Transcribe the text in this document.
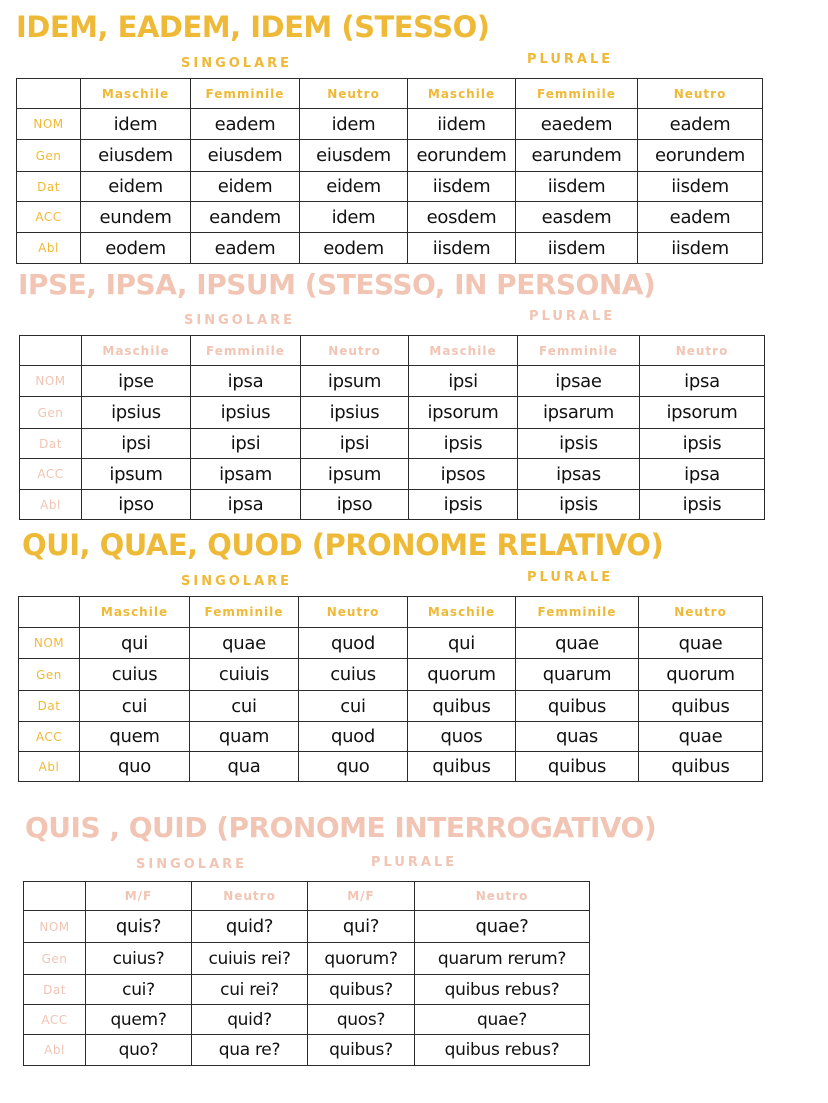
IDEM, EADEM, IDEM (STESSO)
SINGOLARE	PLURALE
	Maschile	Femminile	Neutro	Maschile	Femminile	Neutro
NOM	idem	eadem	idem	iidem	eaedem	eadem
Gen	eiusdem	eiusdem	eiusdem	eorundem	earundem	eorundem
Dat	eidem	eidem	eidem	iisdem	iisdem	iisdem
ACC	eundem	eandem	idem	eosdem	easdem	eadem
Abl	eodem	eadem	eodem	iisdem	iisdem	iisdem
IPSE, IPSA, IPSUM (STESSO, IN PERSONA)
SINGOLARE	PLURALE
	Maschile	Femminile	Neutro	Maschile	Femminile	Neutro
NOM	ipse	ipsa	ipsum	ipsi	ipsae	ipsa
Gen	ipsius	ipsius	ipsius	ipsorum	ipsarum	ipsorum
Dat	ipsi	ipsi	ipsi	ipsis	ipsis	ipsis
ACC	ipsum	ipsam	ipsum	ipsos	ipsas	ipsa
Abl	ipso	ipsa	ipso	ipsis	ipsis	ipsis
QUI, QUAE, QUOD (PRONOME RELATIVO)
SINGOLARE	PLURALE
	Maschile	Femminile	Neutro	Maschile	Femminile	Neutro
NOM	qui	quae	quod	qui	quae	quae
Gen	cuius	cuiuis	cuius	quorum	quarum	quorum
Dat	cui	cui	cui	quibus	quibus	quibus
ACC	quem	quam	quod	quos	quas	quae
Abl	quo	qua	quo	quibus	quibus	quibus
QUIS , QUID (PRONOME INTERROGATIVO)
SINGOLARE	PLURALE
	M/F	Neutro	M/F	Neutro
NOM	quis?	quid?	qui?	quae?
Gen	cuius?	cuiuis rei?	quorum?	quarum rerum?
Dat	cui?	cui rei?	quibus?	quibus rebus?
ACC	quem?	quid?	quos?	quae?
Abl	quo?	qua re?	quibus?	quibus rebus?
